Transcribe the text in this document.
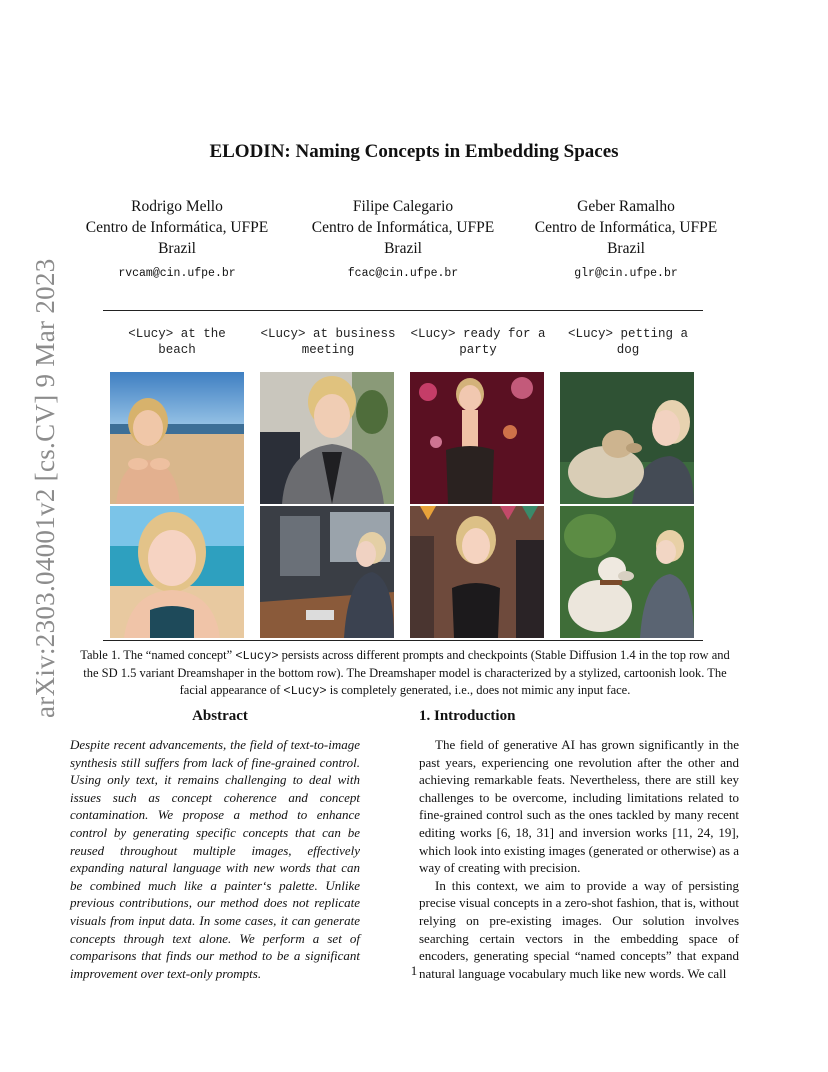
arXiv:2303.04001v2 [cs.CV] 9 Mar 2023
ELODIN: Naming Concepts in Embedding Spaces
Rodrigo Mello
Centro de Informática, UFPE
Brazil
rvcam@cin.ufpe.br
Filipe Calegario
Centro de Informática, UFPE
Brazil
fcac@cin.ufpe.br
Geber Ramalho
Centro de Informática, UFPE
Brazil
glr@cin.ufpe.br
<Lucy> at the beach
<Lucy> at business meeting
<Lucy> ready for a party
<Lucy> petting a dog
Table 1. The “named concept” <Lucy> persists across different prompts and checkpoints (Stable Diffusion 1.4 in the top row and the SD 1.5 variant Dreamshaper in the bottom row). The Dreamshaper model is characterized by a stylized, cartoonish look. The facial appearance of <Lucy> is completely generated, i.e., does not mimic any input face.
Abstract
Despite recent advancements, the field of text-to-image synthesis still suffers from lack of fine-grained control. Using only text, it remains challenging to deal with issues such as concept coherence and concept contamination. We propose a method to enhance control by generating specific concepts that can be reused throughout multiple images, effectively expanding natural language with new words that can be combined much like a painter‘s palette. Unlike previous contributions, our method does not replicate visuals from input data. In some cases, it can generate concepts through text alone. We perform a set of comparisons that finds our method to be a significant improvement over text-only prompts.
1. Introduction

The field of generative AI has grown significantly in the past years, experiencing one revolution after the other and achieving remarkable feats. Nevertheless, there are still key challenges to be overcome, including limitations related to fine-grained control such as the ones tackled by many recent editing works [6, 18, 31] and inversion works [11, 24, 19], which look into existing images (generated or otherwise) as a way of creating with precision.

In this context, we aim to provide a way of persisting precise visual concepts in a zero-shot fashion, that is, without relying on pre-existing images. Our solution involves searching certain vectors in the embedding space of encoders, generating special “named concepts” that expand natural language vocabulary much like new words. We call

1
